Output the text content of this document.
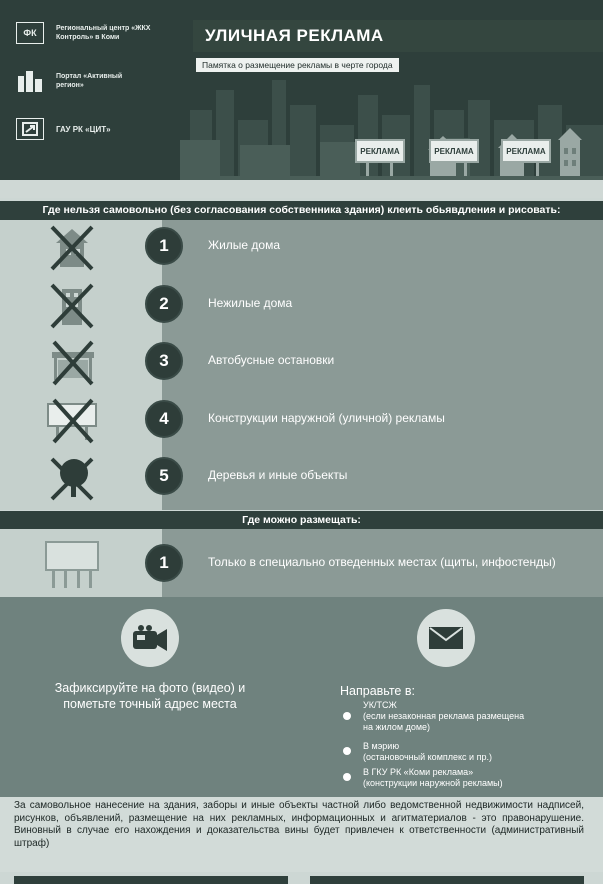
РЕКЛАМА	РЕКЛАМА	РЕКЛАМА
ФК	Региональный центр «ЖКХ Контроль» в Коми
Портал «Активный регион»
ГАУ РК «ЦИТ»
УЛИЧНАЯ РЕКЛАМА
Памятка о размещение рекламы в черте города
Где нельзя самовольно (без согласования собственника здания) клеить обьявдления и рисовать:
1	Жилые дома
2	Нежилые дома
3	Автобусные остановки
4	Конструкции наружной (уличной) рекламы
5	Деревья и иные объекты
Где можно размещать:
1	Только в специально отведенных местах (щиты, инфостенды)
Зафиксируйте на фото (видео) и пометьте точный адрес места
Направьте в:
УК/ТСЖ
(если незаконная реклама размещена на жилом доме)
В мэрию
(остановочный комплекс и пр.)
В ГКУ РК «Коми реклама»
(конструкции наружной рекламы)
За самовольное нанесение на здания, заборы и иные объекты частной либо ведомственной недвижимости надписей, рисунков, объявлений, размещение на них рекламных, информационных и агитматериалов - это правонарушение. Виновный в случае его нахождения и доказательства вины будет привлечен к ответственности (административный штраф)
